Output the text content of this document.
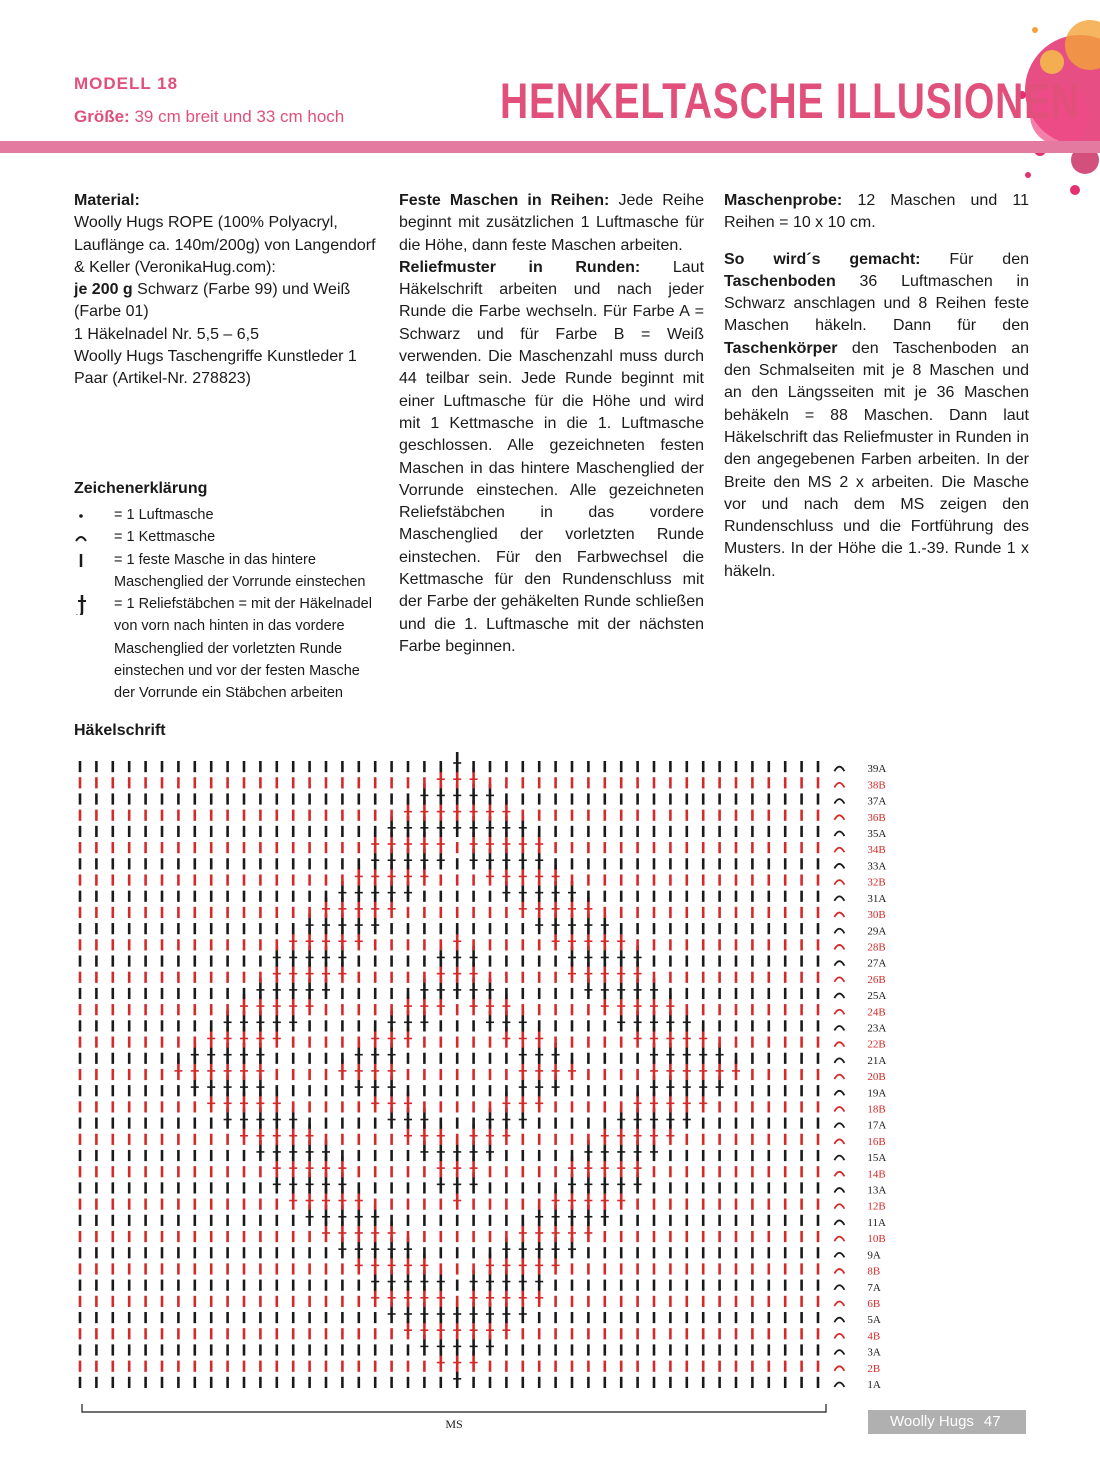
MODELL 18
Größe: 39 cm breit und 33 cm hoch	HENKELTASCHE ILLUSIONEN

Material:

Woolly Hugs ROPE (100% Polyacryl, Lauflänge ca. 140m/200g) von Langendorf & Keller (VeronikaHug.com):

je 200 g Schwarz (Farbe 99) und Weiß (Farbe 01)

1 Häkelnadel Nr. 5,5 – 6,5

Woolly Hugs Taschengriffe Kunstleder 1 Paar (Artikel-Nr. 278823)

Zeichenerklärung
= 1 Luftmasche
= 1 Kettmasche
= 1 feste Masche in das hintere
Maschenglied der Vorrunde einstechen
= 1 Reliefstäbchen = mit der Häkelnadel
von vorn nach hinten in das vordere
Maschenglied der vorletzten Runde
einstechen und vor der festen Masche
der Vorrunde ein Stäbchen arbeiten

Feste Maschen in Reihen: Jede Reihe beginnt mit zusätzlichen 1 Luftmasche für die Höhe, dann feste Maschen arbeiten.

Reliefmuster in Runden: Laut Häkelschrift arbeiten und nach jeder Runde die Farbe wechseln. Für Farbe A = Schwarz und für Farbe B = Weiß verwenden. Die Maschenzahl muss durch 44 teilbar sein. Jede Runde beginnt mit einer Luftmasche für die Höhe und wird mit 1 Kettmasche in die 1. Luftmasche geschlossen. Alle gezeichneten festen Maschen in das hintere Maschenglied der Vorrunde einstechen. Alle gezeichneten Reliefstäbchen in das vordere Maschenglied der vorletzten Runde einstechen. Für den Farbwechsel die Kettmasche für den Rundenschluss mit der Farbe der gehäkelten Runde schließen und die 1. Luftmasche mit der nächsten Farbe beginnen.

Maschenprobe: 12 Maschen und 11 Reihen = 10 x 10 cm.

So wird´s gemacht: Für den Taschenboden 36 Luftmaschen in Schwarz anschlagen und 8 Reihen feste Maschen häkeln. Dann für den Taschenkörper den Taschenboden an den Schmalseiten mit je 8 Maschen und an den Längsseiten mit je 36 Maschen behäkeln = 88 Maschen. Dann laut Häkelschrift das Reliefmuster in Runden in den angegebenen Farben arbeiten. In der Breite den MS 2 x arbeiten. Die Masche vor und nach dem MS zeigen den Rundenschluss und die Fortführung des Musters. In der Höhe die 1.-39. Runde 1 x häkeln.

Häkelschrift
1A
2B
3A
4B
5A
6B
7A
8B
9A
10B
11A
12B
13A
14B
15A
16B
17A
18B
19A
20B
21A
22B
23A
24B
25A
26B
27A
28B
29A
30B
31A
32B
33A
34B
35A
36B
37A
38B
39A
MS	Woolly Hugs 47
